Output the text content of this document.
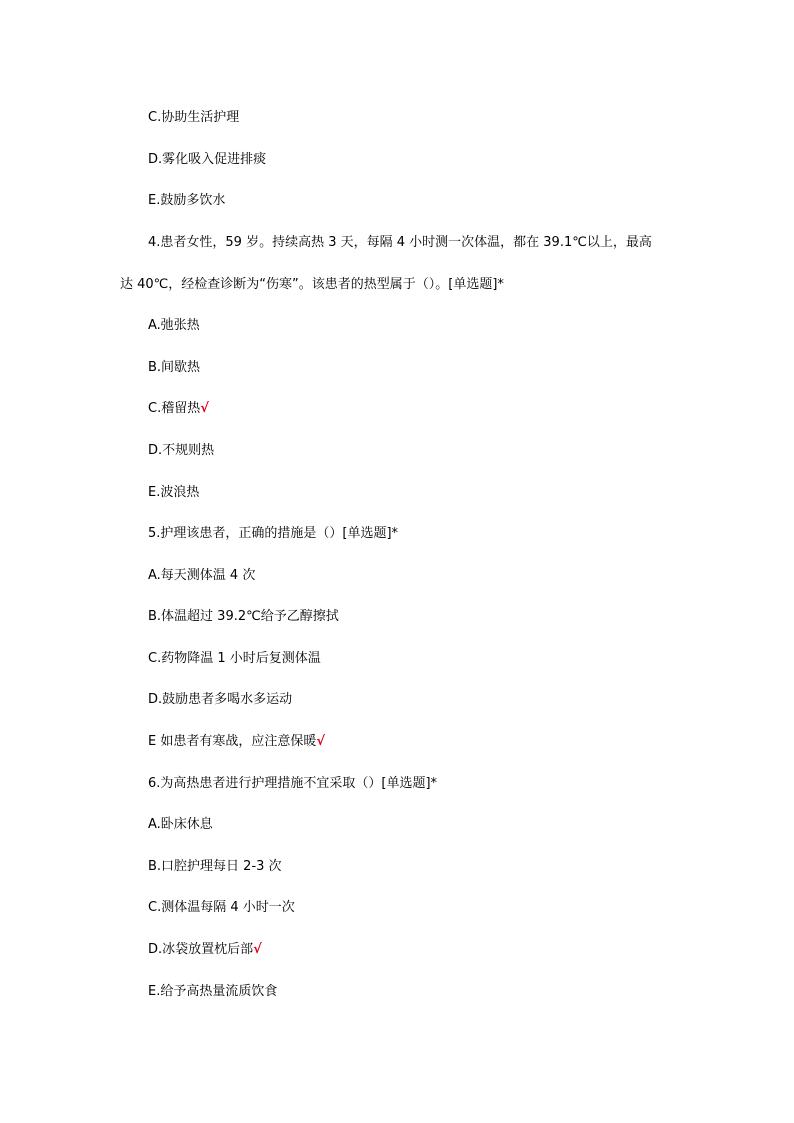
C.协助生活护理
D.雾化吸入促进排痰
E.鼓励多饮水
4.患者女性，59 岁。持续高热 3 天，每隔 4 小时测一次体温，都在 39.1℃以上，最高
达 40℃，经检查诊断为“伤寒”。该患者的热型属于（）。[单选题]*
A.弛张热
B.间歇热
C.稽留热√
D.不规则热
E.波浪热
5.护理该患者，正确的措施是（）[单选题]*
A.每天测体温 4 次
B.体温超过 39.2℃给予乙醇擦拭
C.药物降温 1 小时后复测体温
D.鼓励患者多喝水多运动
E 如患者有寒战，应注意保暖√
6.为高热患者进行护理措施不宜采取（）[单选题]*
A.卧床休息
B.口腔护理每日 2-3 次
C.测体温每隔 4 小时一次
D.冰袋放置枕后部√
E.给予高热量流质饮食
